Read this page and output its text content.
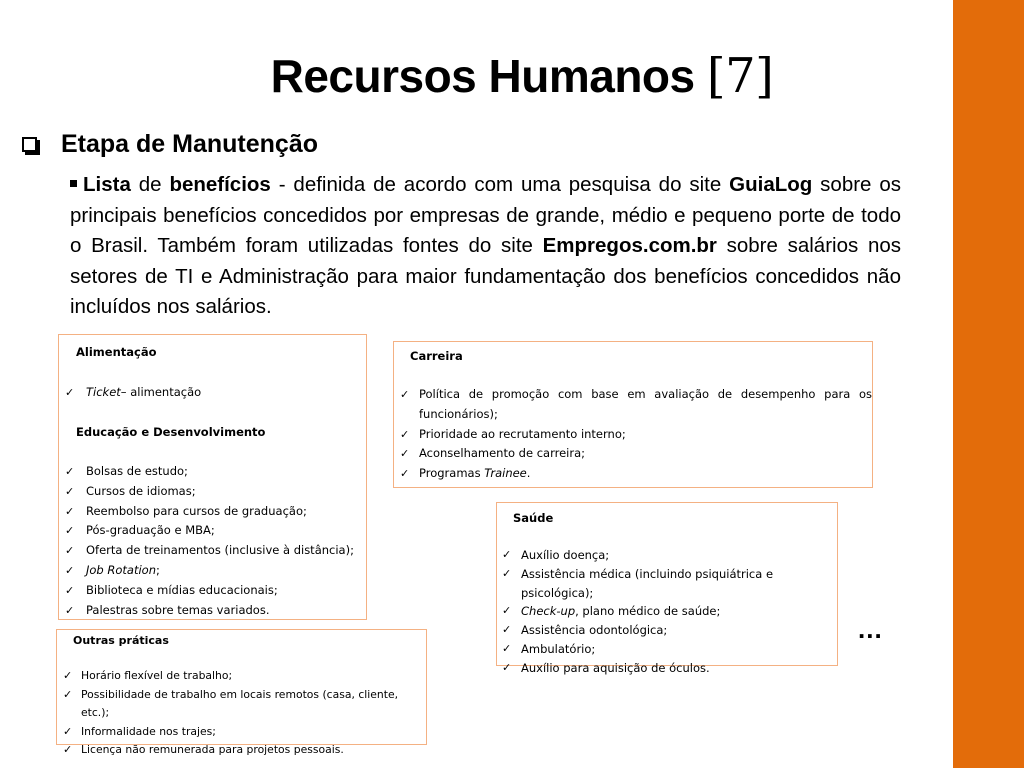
Recursos Humanos [7]
Etapa de Manutenção

Lista de benefícios - definida de acordo com uma pesquisa do site GuiaLog sobre os principais benefícios concedidos por empresas de grande, médio e pequeno porte de todo o Brasil. Também foram utilizadas fontes do site Empregos.com.br sobre salários nos setores de TI e Administração para maior fundamentação dos benefícios concedidos não incluídos nos salários.

Alimentação
✓	Ticket– alimentação
Educação e Desenvolvimento
✓	Bolsas de estudo;
✓	Cursos de idiomas;
✓	Reembolso para cursos de graduação;
✓	Pós-graduação e MBA;
✓	Oferta de treinamentos (inclusive à distância);
✓	Job Rotation;
✓	Biblioteca e mídias educacionais;
✓	Palestras sobre temas variados.
Carreira
✓ Política de promoção com base em avaliação de desempenho para os funcionários);
✓ Prioridade ao recrutamento interno;
✓ Aconselhamento de carreira;
✓ Programas Trainee.
Saúde
✓ Auxílio doença;
✓ Assistência médica (incluindo psiquiátrica e psicológica);
✓ Check-up, plano médico de saúde;
✓ Assistência odontológica;
✓ Ambulatório;
✓ Auxílio para aquisição de óculos.
Outras práticas
✓ Horário flexível de trabalho;
✓ Possibilidade de trabalho em locais remotos (casa, cliente, etc.);
✓ Informalidade nos trajes;
✓ Licença não remunerada para projetos pessoais.
...
